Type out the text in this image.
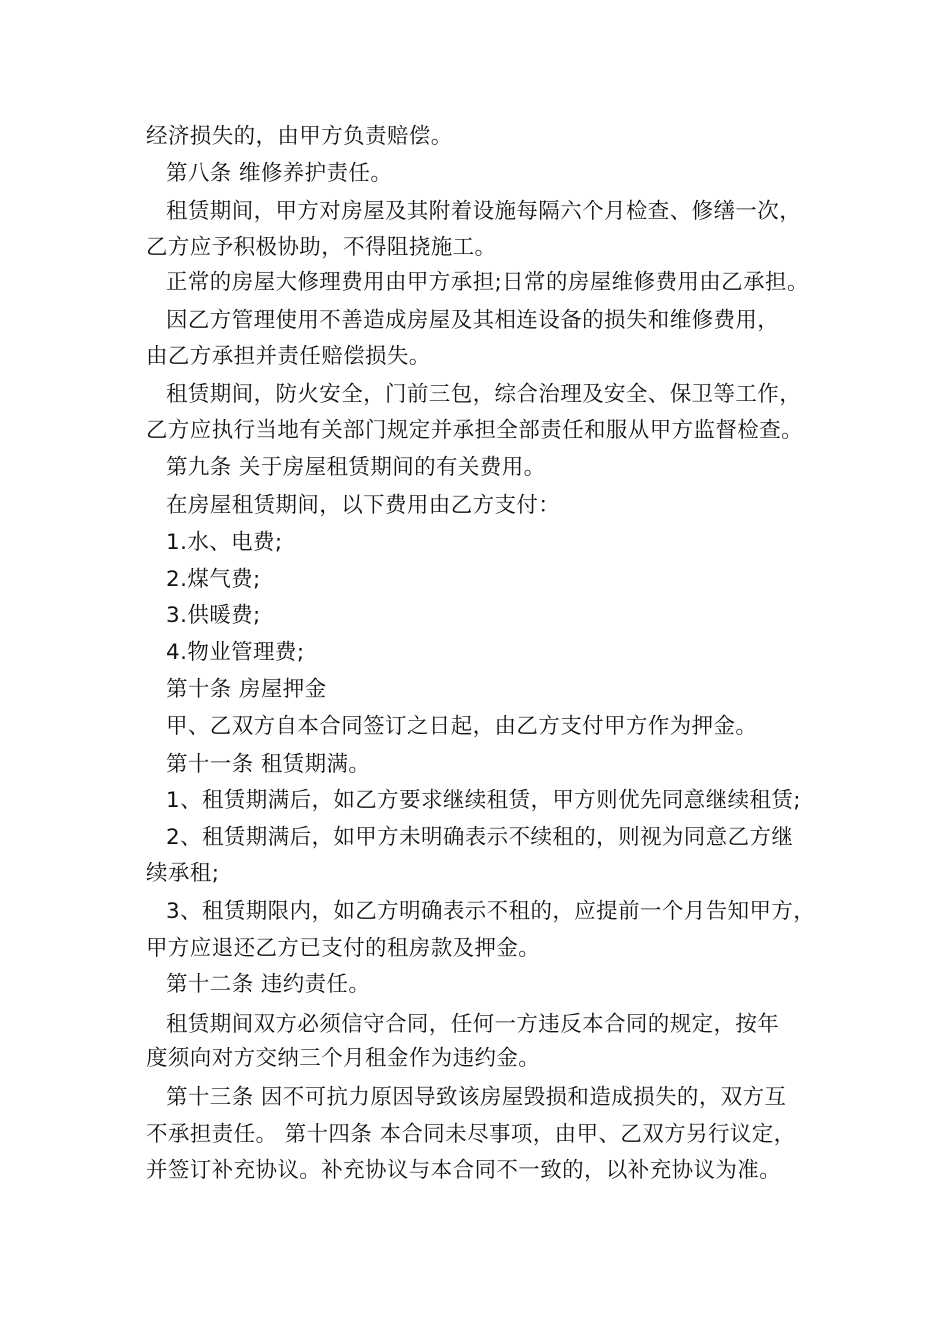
经济损失的，由甲方负责赔偿。
第八条 维修养护责任。
租赁期间，甲方对房屋及其附着设施每隔六个月检查、修缮一次，
乙方应予积极协助，不得阻挠施工。
正常的房屋大修理费用由甲方承担;日常的房屋维修费用由乙承担。
因乙方管理使用不善造成房屋及其相连设备的损失和维修费用，
由乙方承担并责任赔偿损失。
租赁期间，防火安全，门前三包，综合治理及安全、保卫等工作，
乙方应执行当地有关部门规定并承担全部责任和服从甲方监督检查。
第九条 关于房屋租赁期间的有关费用。
在房屋租赁期间，以下费用由乙方支付：
1.水、电费;
2.煤气费;
3.供暖费;
4.物业管理费;
第十条 房屋押金
甲、乙双方自本合同签订之日起，由乙方支付甲方作为押金。
第十一条 租赁期满。
1、租赁期满后，如乙方要求继续租赁，甲方则优先同意继续租赁;
2、租赁期满后，如甲方未明确表示不续租的，则视为同意乙方继
续承租;
3、租赁期限内，如乙方明确表示不租的，应提前一个月告知甲方，
甲方应退还乙方已支付的租房款及押金。
第十二条 违约责任。
租赁期间双方必须信守合同，任何一方违反本合同的规定，按年
度须向对方交纳三个月租金作为违约金。
第十三条 因不可抗力原因导致该房屋毁损和造成损失的，双方互
不承担责任。 第十四条 本合同未尽事项，由甲、乙双方另行议定，
并签订补充协议。补充协议与本合同不一致的，以补充协议为准。
